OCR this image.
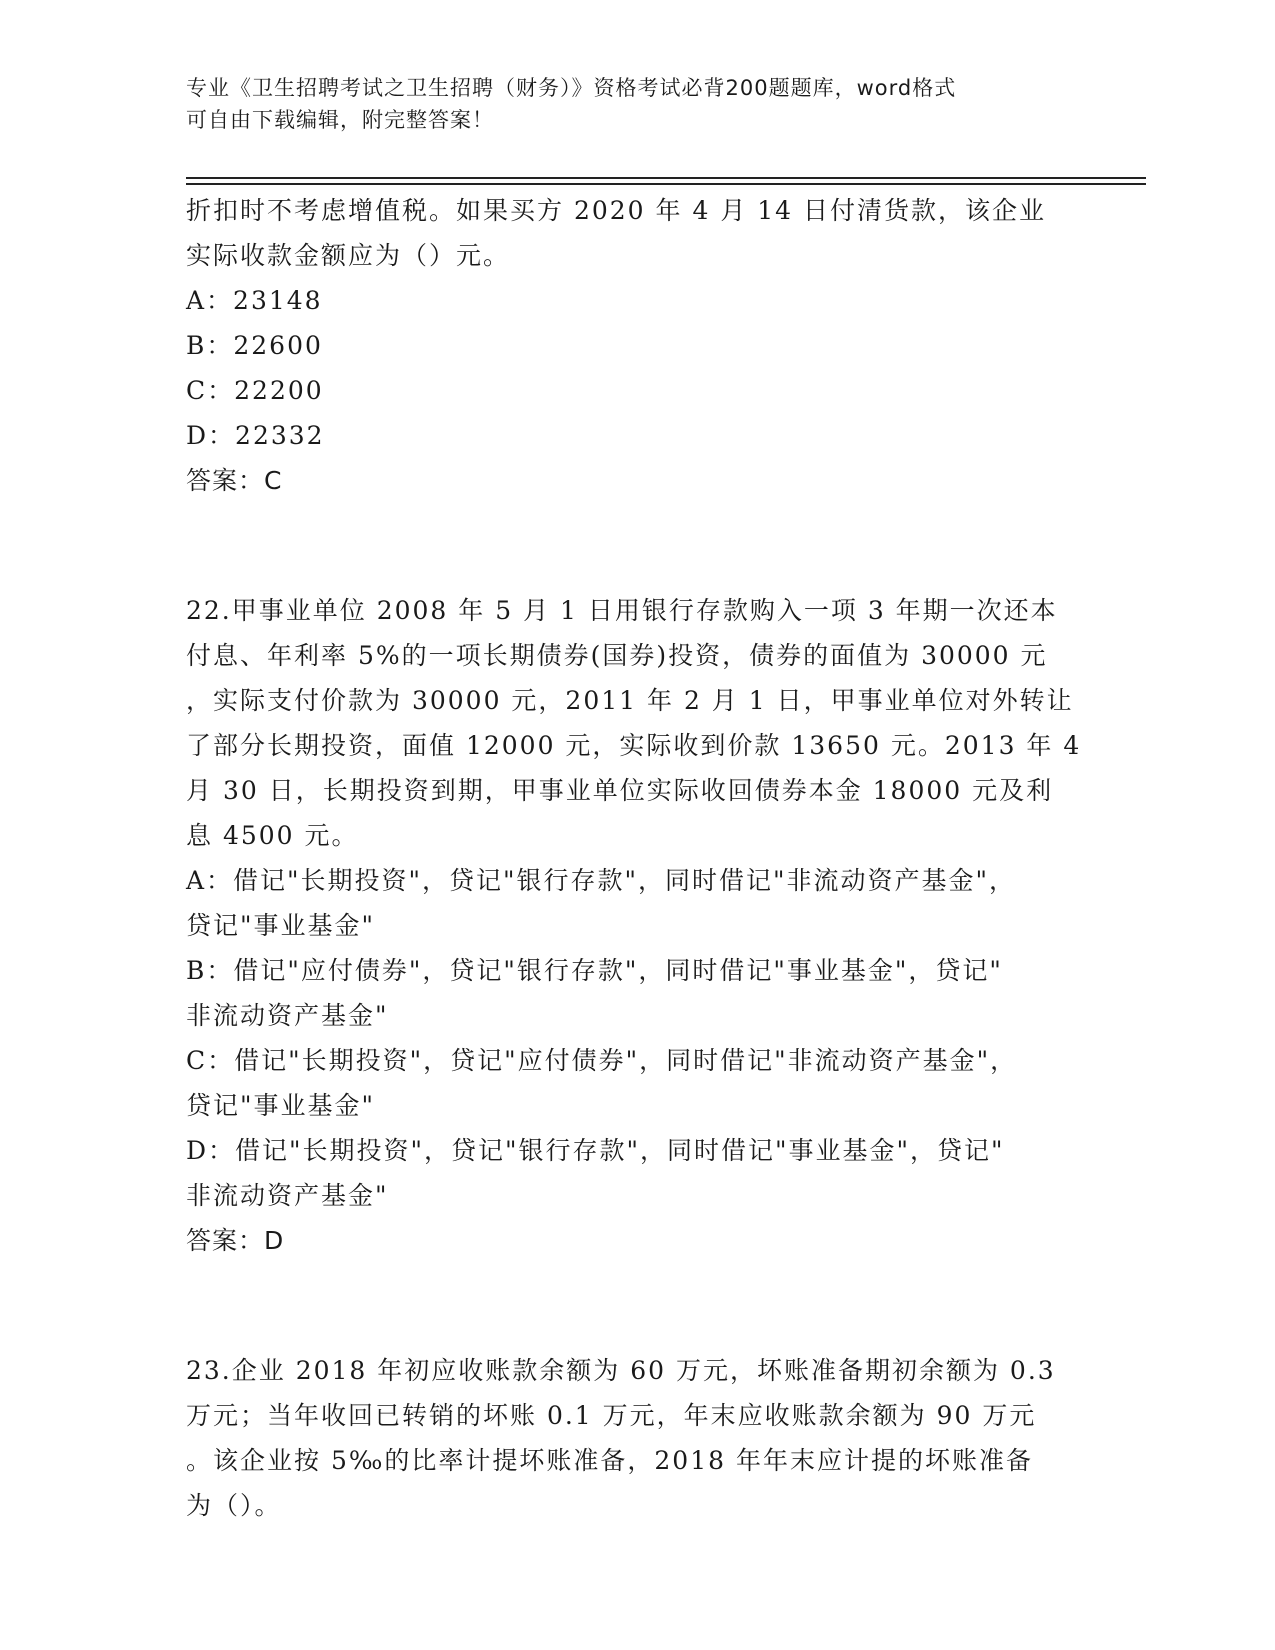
专业《卫生招聘考试之卫生招聘（财务）》资格考试必背200题题库，word格式
可自由下载编辑，附完整答案！
折扣时不考虑增值税。如果买方 2020 年 4 月 14 日付清货款，该企业
实际收款金额应为（）元。
A：23148
B：22600
C：22200
D：22332
答案：C
22.甲事业单位 2008 年 5 月 1 日用银行存款购入一项 3 年期一次还本
付息、年利率 5%的一项长期债券(国券)投资，债券的面值为 30000 元
，实际支付价款为 30000 元，2011 年 2 月 1 日，甲事业单位对外转让
了部分长期投资，面值 12000 元，实际收到价款 13650 元。2013 年 4
月 30 日，长期投资到期，甲事业单位实际收回债券本金 18000 元及利
息 4500 元。
A：借记"长期投资"，贷记"银行存款"，同时借记"非流动资产基金"，
贷记"事业基金"
B：借记"应付债券"，贷记"银行存款"，同时借记"事业基金"，贷记"
非流动资产基金"
C：借记"长期投资"，贷记"应付债券"，同时借记"非流动资产基金"，
贷记"事业基金"
D：借记"长期投资"，贷记"银行存款"，同时借记"事业基金"，贷记"
非流动资产基金"
答案：D
23.企业 2018 年初应收账款余额为 60 万元，坏账准备期初余额为 0.3
万元；当年收回已转销的坏账 0.1 万元，年末应收账款余额为 90 万元
。该企业按 5‰的比率计提坏账准备，2018 年年末应计提的坏账准备
为（）。
